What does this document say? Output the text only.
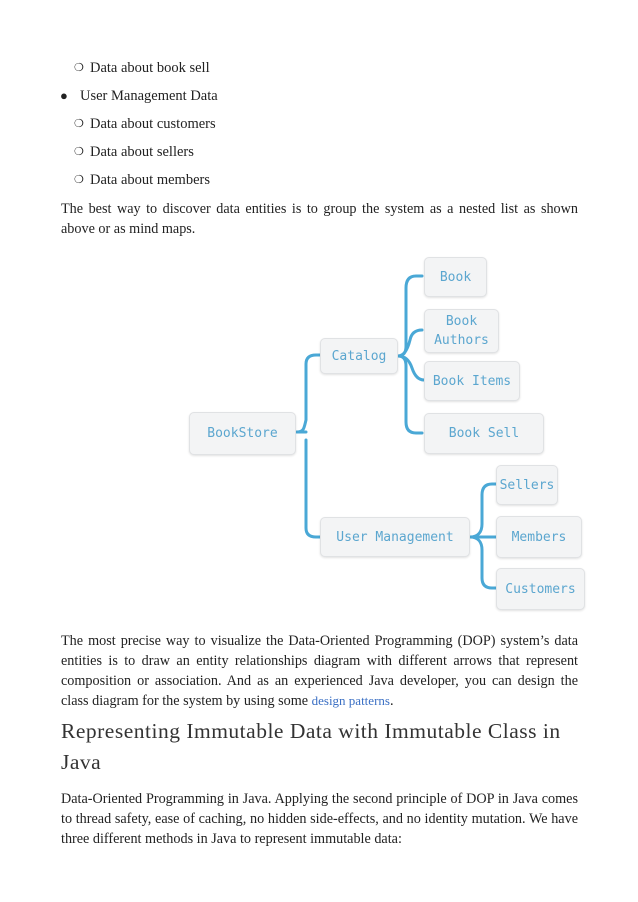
❍ Data about book sell
● User Management Data
❍ Data about customers
❍ Data about sellers
❍ Data about members
The best way to discover data entities is to group the system as a nested list as shown above or as mind maps.
BookStore
Catalog
Book
Book
Authors
Book Items
Book Sell
User Management
Sellers
Members
Customers
The most precise way to visualize the Data-Oriented Programming (DOP) system’s data entities is to draw an entity relationships diagram with different arrows that represent composition or association. And as an experienced Java developer, you can design the class diagram for the system by using some design patterns.
Representing Immutable Data with Immutable Class in Java
Data-Oriented Programming in Java. Applying the second principle of DOP in Java comes to thread safety, ease of caching, no hidden side-effects, and no identity mutation. We have three different methods in Java to represent immutable data:
